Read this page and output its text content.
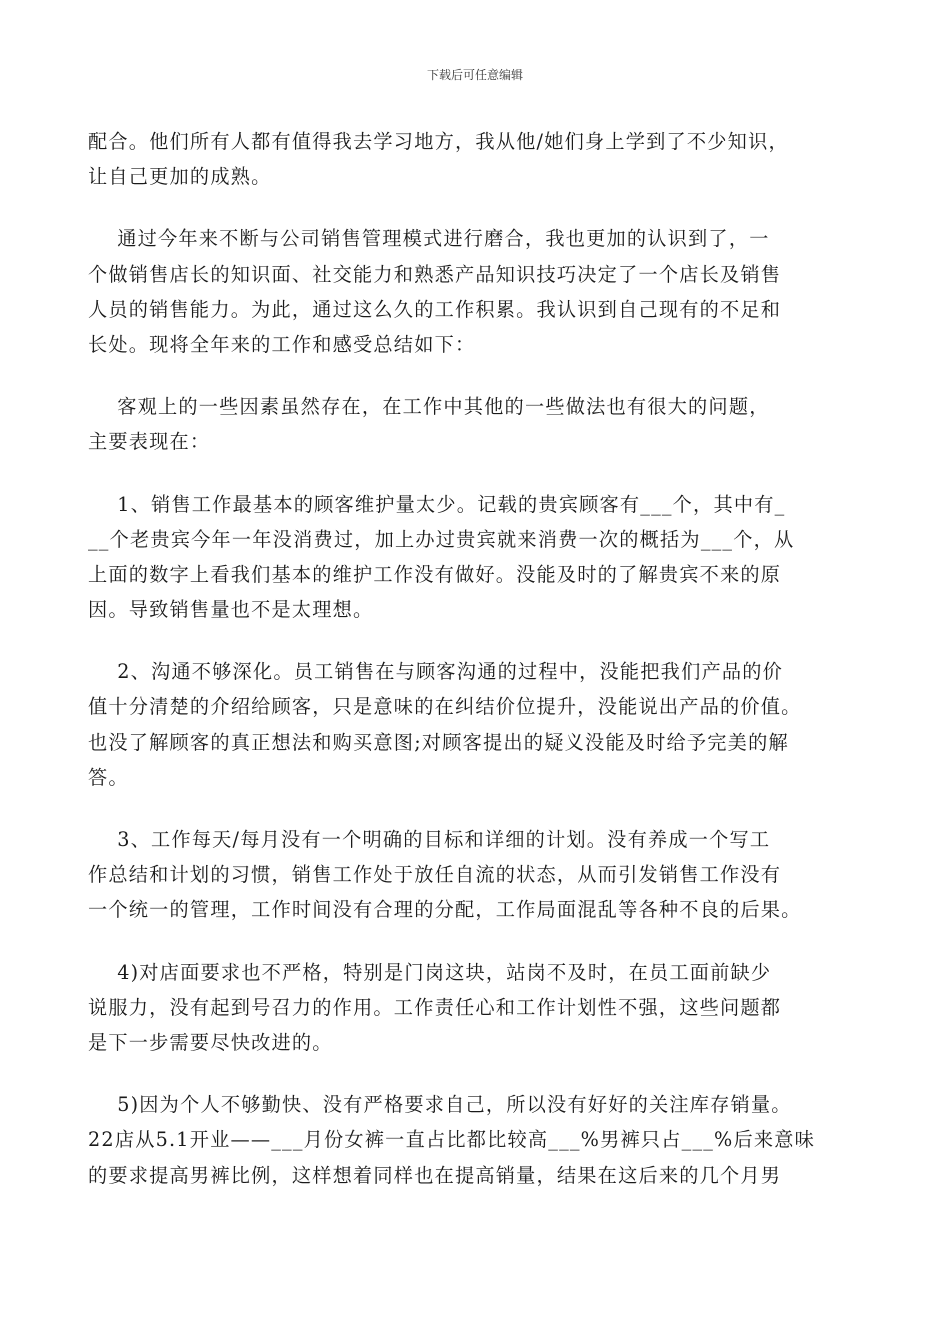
下载后可任意编辑
配合。他们所有人都有值得我去学习地方，我从他/她们身上学到了不少知识，
让自己更加的成熟。
通过今年来不断与公司销售管理模式进行磨合，我也更加的认识到了，一
个做销售店长的知识面、社交能力和熟悉产品知识技巧决定了一个店长及销售
人员的销售能力。为此，通过这么久的工作积累。我认识到自己现有的不足和
长处。现将全年来的工作和感受总结如下：
客观上的一些因素虽然存在，在工作中其他的一些做法也有很大的问题，
主要表现在：
1、销售工作最基本的顾客维护量太少。记载的贵宾顾客有___个，其中有_
__个老贵宾今年一年没消费过，加上办过贵宾就来消费一次的概括为___个，从
上面的数字上看我们基本的维护工作没有做好。没能及时的了解贵宾不来的原
因。导致销售量也不是太理想。
2、沟通不够深化。员工销售在与顾客沟通的过程中，没能把我们产品的价
值十分清楚的介绍给顾客，只是意味的在纠结价位提升，没能说出产品的价值。
也没了解顾客的真正想法和购买意图;对顾客提出的疑义没能及时给予完美的解
答。
3、工作每天/每月没有一个明确的目标和详细的计划。没有养成一个写工
作总结和计划的习惯，销售工作处于放任自流的状态，从而引发销售工作没有
一个统一的管理，工作时间没有合理的分配，工作局面混乱等各种不良的后果。
4)对店面要求也不严格，特别是门岗这块，站岗不及时，在员工面前缺少
说服力，没有起到号召力的作用。工作责任心和工作计划性不强，这些问题都
是下一步需要尽快改进的。
5)因为个人不够勤快、没有严格要求自己，所以没有好好的关注库存销量。
22店从5.1开业——___月份女裤一直占比都比较高___%男裤只占___%后来意味
的要求提高男裤比例，这样想着同样也在提高销量，结果在这后来的几个月男
